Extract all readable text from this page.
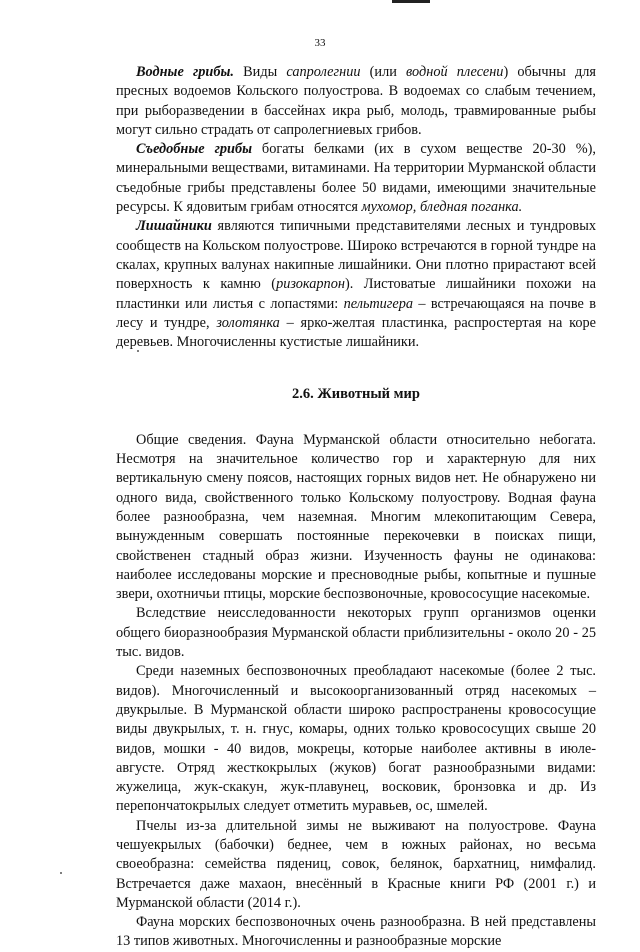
33

Водные грибы. Виды сапролегнии (или водной плесени) обычны для пресных водоемов Кольского полуострова. В водоемах со слабым течением, при рыборазведении в бассейнах икра рыб, молодь, травмированные рыбы могут сильно страдать от сапролегниевых грибов.

Съедобные грибы богаты белками (их в сухом веществе 20-30 %), минеральными веществами, витаминами. На территории Мурманской области съедобные грибы представлены более 50 видами, имеющими значительные ресурсы. К ядовитым грибам относятся мухомор, бледная поганка.

Лишайники являются типичными представителями лесных и тундровых сообществ на Кольском полуострове. Широко встречаются в горной тундре на скалах, крупных валунах накипные лишайники. Они плотно прирастают всей поверхность к камню (ризокарпон). Листоватые лишайники похожи на пластинки или листья с лопастями: пельтигера – встречающаяся на почве в лесу и тундре, золотянка – ярко-желтая пластинка, распростертая на коре деревьев. Многочисленны кустистые лишайники.

2.6. Животный мир

Общие сведения. Фауна Мурманской области относительно небогата. Несмотря на значительное количество гор и характерную для них вертикальную смену поясов, настоящих горных видов нет. Не обнаружено ни одного вида, свойственного только Кольскому полуострову. Водная фауна более разнообразна, чем наземная. Многим млекопитающим Севера, вынужденным совершать постоянные перекочевки в поисках пищи, свойственен стадный образ жизни. Изученность фауны не одинакова: наиболее исследованы морские и пресноводные рыбы, копытные и пушные звери, охотничьи птицы, морские беспозвоночные, кровососущие насекомые.

Вследствие неисследованности некоторых групп организмов оценки общего биоразнообразия Мурманской области приблизительны - около 20 - 25 тыс. видов.

Среди наземных беспозвоночных преобладают насекомые (более 2 тыс. видов). Многочисленный и высокоорганизованный отряд насекомых – двукрылые. В Мурманской области широко распространены кровососущие виды двукрылых, т. н. гнус, комары, одних только кровососущих свыше 20 видов, мошки - 40 видов, мокрецы, которые наиболее активны в июле-августе. Отряд жесткокрылых (жуков) богат разнообразными видами: жужелица, жук-скакун, жук-плавунец, восковик, бронзовка и др. Из перепончатокрылых следует отметить муравьев, ос, шмелей.

Пчелы из-за длительной зимы не выживают на полуострове. Фауна чешуекрылых (бабочки) беднее, чем в южных районах, но весьма своеобразна: семейства пядениц, совок, белянок, бархатниц, нимфалид. Встречается даже махаон, внесённый в Красные книги РФ (2001 г.) и Мурманской области (2014 г.).

Фауна морских беспозвоночных очень разнообразна. В ней представлены 13 типов животных. Многочисленны и разнообразные морские
